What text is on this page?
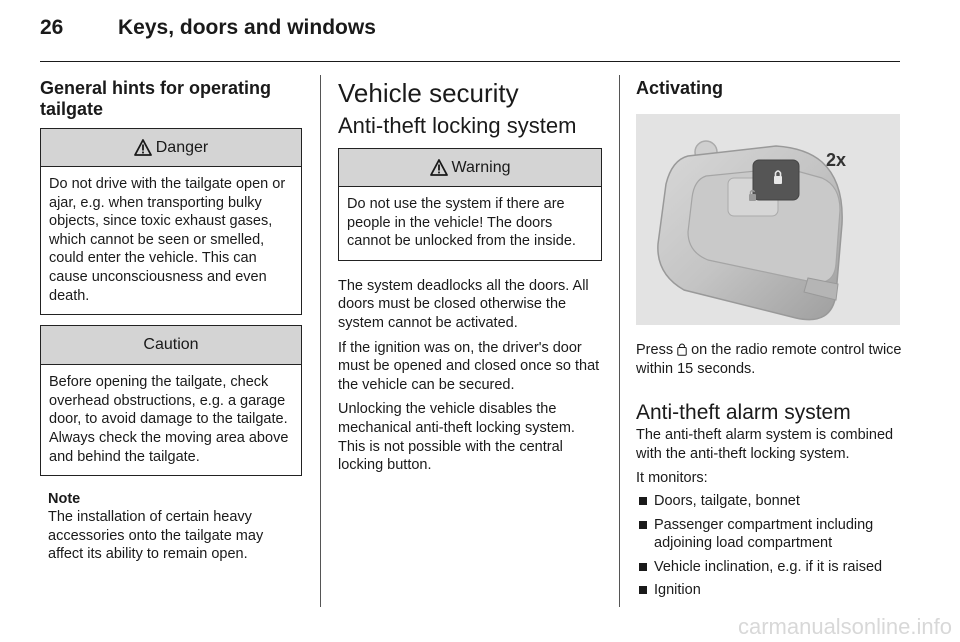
26	Keys, doors and windows
General hints for operating tailgate
Danger
Do not drive with the tailgate open or ajar, e.g. when transporting bulky objects, since toxic exhaust gases, which cannot be seen or smelled, could enter the vehicle. This can cause unconsciousness and even death.
Caution
Before opening the tailgate, check overhead obstructions, e.g. a garage door, to avoid damage to the tailgate. Always check the moving area above and behind the tailgate.
Note

The installation of certain heavy accessories onto the tailgate may affect its ability to remain open.

Vehicle security
Anti-theft locking system
Warning
Do not use the system if there are people in the vehicle! The doors cannot be unlocked from the inside.

The system deadlocks all the doors. All doors must be closed otherwise the system cannot be activated.

If the ignition was on, the driver's door must be opened and closed once so that the vehicle can be secured.

Unlocking the vehicle disables the mechanical anti-theft locking system. This is not possible with the central locking button.

Activating
2x

Press  on the radio remote control twice within 15 seconds.

Anti-theft alarm system

The anti-theft alarm system is combined with the anti-theft locking system.

It monitors:

Doors, tailgate, bonnet
Passenger compartment including adjoining load compartment
Vehicle inclination, e.g. if it is raised
Ignition
carmanualsonline.info
